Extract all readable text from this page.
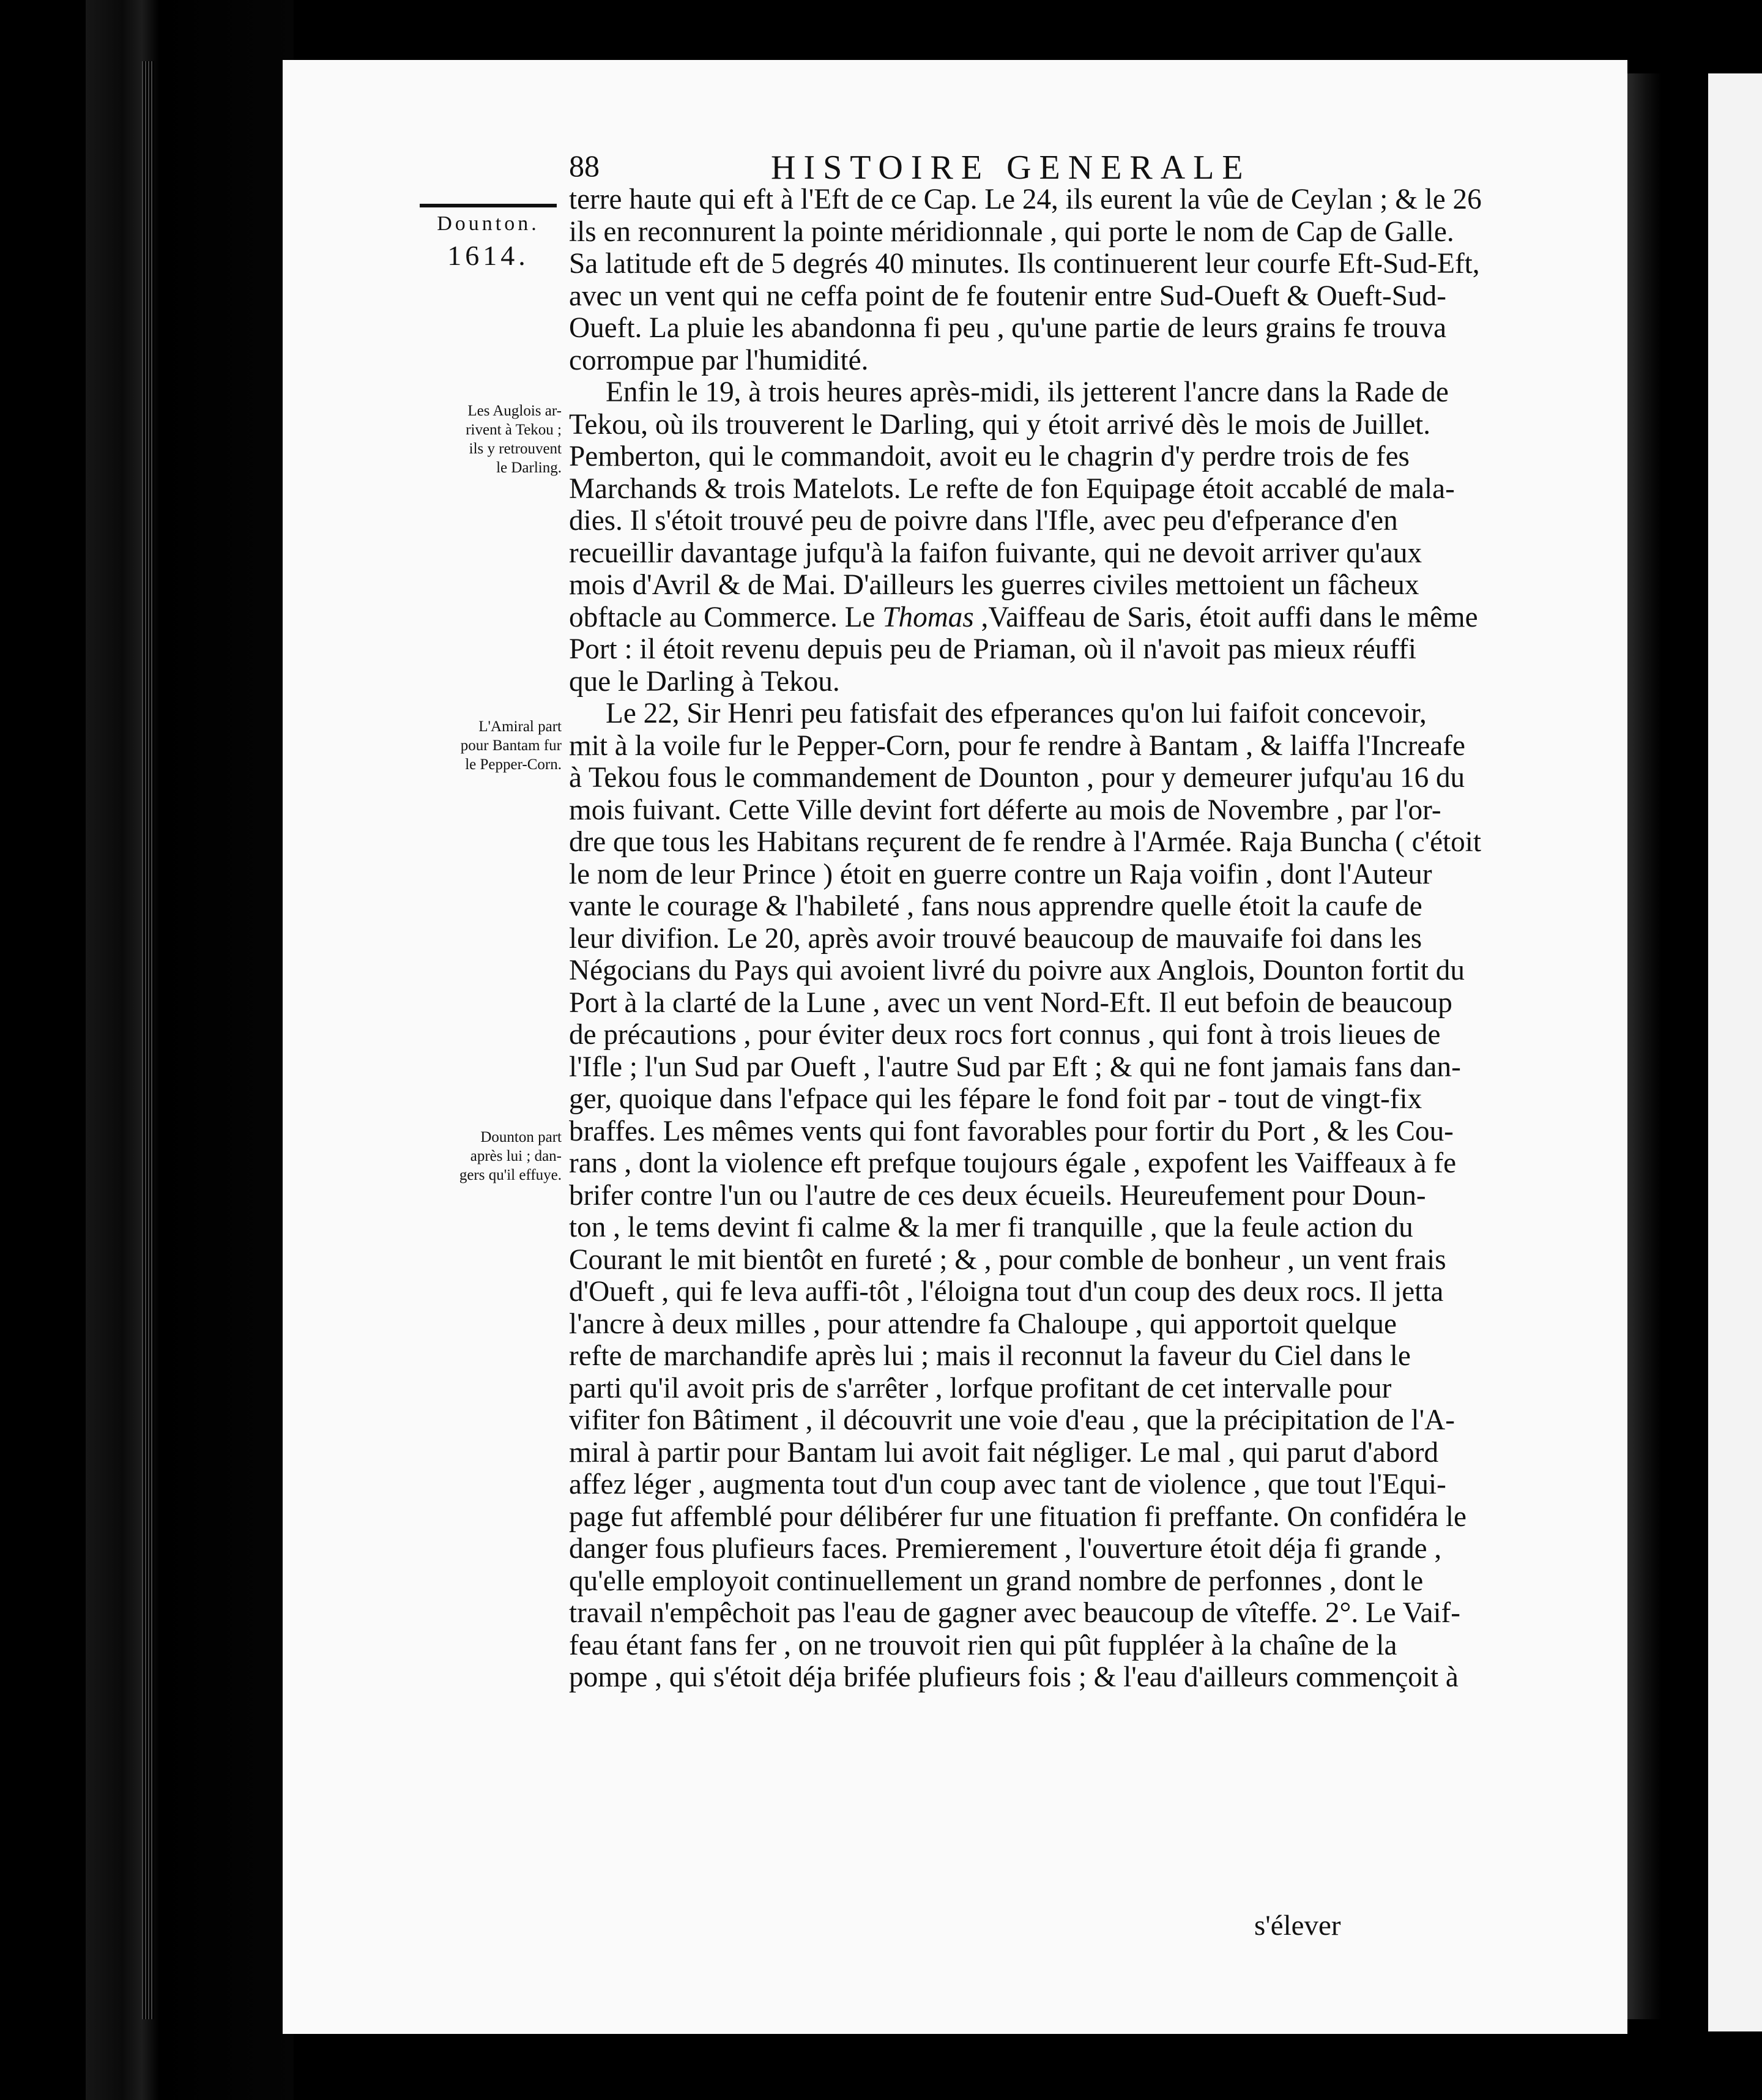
88	HISTOIRE GENERALE
Dounton.
1614.
Les Auglois ar-
rivent à Tekou ;
ils y retrouvent
le Darling.
L'Amiral part
pour Bantam fur
le Pepper-Corn.
Dounton part
après lui ; dan-
gers qu'il effuye.
terre haute qui eft à l'Eft de ce Cap. Le 24, ils eurent la vûe de Ceylan ; & le 26
ils en reconnurent la pointe méridionnale , qui porte le nom de Cap de Galle.
Sa latitude eft de 5 degrés 40 minutes. Ils continuerent leur courfe Eft-Sud-Eft,
avec un vent qui ne ceffa point de fe foutenir entre Sud-Oueft & Oueft-Sud-
Oueft. La pluie les abandonna fi peu , qu'une partie de leurs grains fe trouva
corrompue par l'humidité.
Enfin le 19, à trois heures après-midi, ils jetterent l'ancre dans la Rade de
Tekou, où ils trouverent le Darling, qui y étoit arrivé dès le mois de Juillet.
Pemberton, qui le commandoit, avoit eu le chagrin d'y perdre trois de fes
Marchands & trois Matelots. Le refte de fon Equipage étoit accablé de mala-
dies. Il s'étoit trouvé peu de poivre dans l'Ifle, avec peu d'efperance d'en
recueillir davantage jufqu'à la faifon fuivante, qui ne devoit arriver qu'aux
mois d'Avril & de Mai. D'ailleurs les guerres civiles mettoient un fâcheux
obftacle au Commerce. Le Thomas ,Vaiffeau de Saris, étoit auffi dans le même
Port : il étoit revenu depuis peu de Priaman, où il n'avoit pas mieux réuffi
que le Darling à Tekou.
Le 22, Sir Henri peu fatisfait des efperances qu'on lui faifoit concevoir,
mit à la voile fur le Pepper-Corn, pour fe rendre à Bantam , & laiffa l'Increafe
à Tekou fous le commandement de Dounton , pour y demeurer jufqu'au 16 du
mois fuivant. Cette Ville devint fort déferte au mois de Novembre , par l'or-
dre que tous les Habitans reçurent de fe rendre à l'Armée. Raja Buncha ( c'étoit
le nom de leur Prince ) étoit en guerre contre un Raja voifin , dont l'Auteur
vante le courage & l'habileté , fans nous apprendre quelle étoit la caufe de
leur divifion. Le 20, après avoir trouvé beaucoup de mauvaife foi dans les
Négocians du Pays qui avoient livré du poivre aux Anglois, Dounton fortit du
Port à la clarté de la Lune , avec un vent Nord-Eft. Il eut befoin de beaucoup
de précautions , pour éviter deux rocs fort connus , qui font à trois lieues de
l'Ifle ; l'un Sud par Oueft , l'autre Sud par Eft ; & qui ne font jamais fans dan-
ger, quoique dans l'efpace qui les fépare le fond foit par - tout de vingt-fix
braffes. Les mêmes vents qui font favorables pour fortir du Port , & les Cou-
rans , dont la violence eft prefque toujours égale , expofent les Vaiffeaux à fe
brifer contre l'un ou l'autre de ces deux écueils. Heureufement pour Doun-
ton , le tems devint fi calme & la mer fi tranquille , que la feule action du
Courant le mit bientôt en fureté ; & , pour comble de bonheur , un vent frais
d'Oueft , qui fe leva auffi-tôt , l'éloigna tout d'un coup des deux rocs. Il jetta
l'ancre à deux milles , pour attendre fa Chaloupe , qui apportoit quelque
refte de marchandife après lui ; mais il reconnut la faveur du Ciel dans le
parti qu'il avoit pris de s'arrêter , lorfque profitant de cet intervalle pour
vifiter fon Bâtiment , il découvrit une voie d'eau , que la précipitation de l'A-
miral à partir pour Bantam lui avoit fait négliger. Le mal , qui parut d'abord
affez léger , augmenta tout d'un coup avec tant de violence , que tout l'Equi-
page fut affemblé pour délibérer fur une fituation fi preffante. On confidéra le
danger fous plufieurs faces. Premierement , l'ouverture étoit déja fi grande ,
qu'elle employoit continuellement un grand nombre de perfonnes , dont le
travail n'empêchoit pas l'eau de gagner avec beaucoup de vîteffe. 2°. Le Vaif-
feau étant fans fer , on ne trouvoit rien qui pût fuppléer à la chaîne de la
pompe , qui s'étoit déja brifée plufieurs fois ; & l'eau d'ailleurs commençoit à
s'élever
